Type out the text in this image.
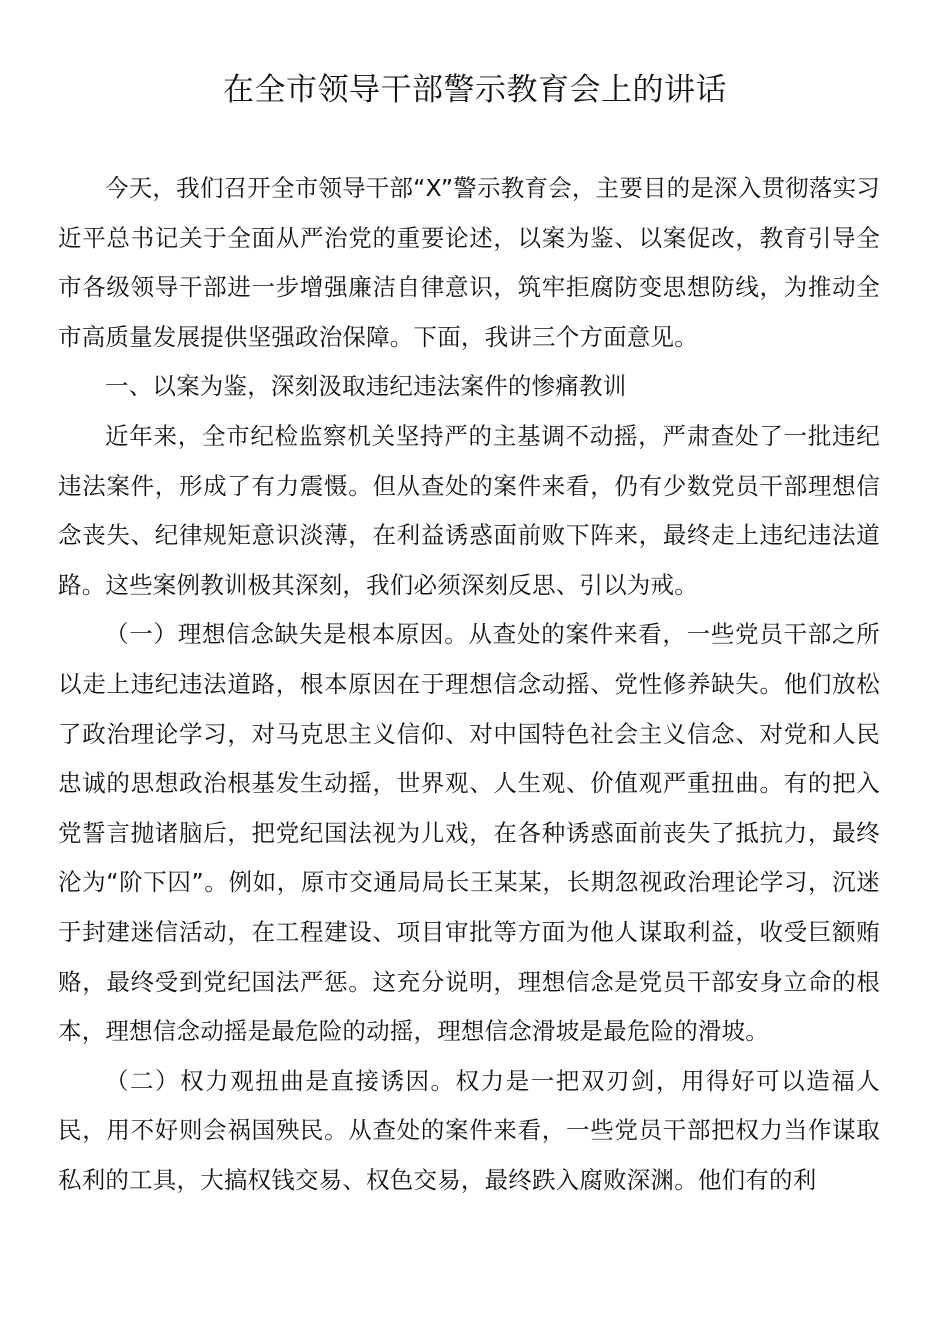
在全市领导干部警示教育会上的讲话

今天，我们召开全市领导干部“X”警示教育会，主要目的是深入贯彻落实习近平总书记关于全面从严治党的重要论述，以案为鉴、以案促改，教育引导全市各级领导干部进一步增强廉洁自律意识，筑牢拒腐防变思想防线，为推动全市高质量发展提供坚强政治保障。下面，我讲三个方面意见。

一、以案为鉴，深刻汲取违纪违法案件的惨痛教训

近年来，全市纪检监察机关坚持严的主基调不动摇，严肃查处了一批违纪违法案件，形成了有力震慑。但从查处的案件来看，仍有少数党员干部理想信念丧失、纪律规矩意识淡薄，在利益诱惑面前败下阵来，最终走上违纪违法道路。这些案例教训极其深刻，我们必须深刻反思、引以为戒。

（一）理想信念缺失是根本原因。从查处的案件来看，一些党员干部之所以走上违纪违法道路，根本原因在于理想信念动摇、党性修养缺失。他们放松了政治理论学习，对马克思主义信仰、对中国特色社会主义信念、对党和人民忠诚的思想政治根基发生动摇，世界观、人生观、价值观严重扭曲。有的把入党誓言抛诸脑后，把党纪国法视为儿戏，在各种诱惑面前丧失了抵抗力，最终沦为“阶下囚”。例如，原市交通局局长王某某，长期忽视政治理论学习，沉迷于封建迷信活动，在工程建设、项目审批等方面为他人谋取利益，收受巨额贿赂，最终受到党纪国法严惩。这充分说明，理想信念是党员干部安身立命的根本，理想信念动摇是最危险的动摇，理想信念滑坡是最危险的滑坡。

（二）权力观扭曲是直接诱因。权力是一把双刃剑，用得好可以造福人民，用不好则会祸国殃民。从查处的案件来看，一些党员干部把权力当作谋取私利的工具，大搞权钱交易、权色交易，最终跌入腐败深渊。他们有的利
